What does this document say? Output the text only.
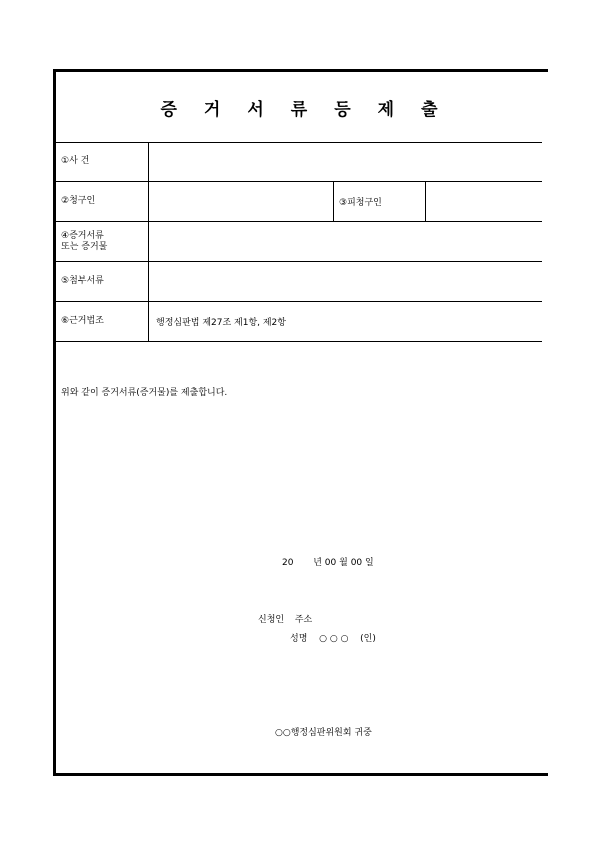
증 거 서 류 등 제 출
①사 건
②청구인	③피청구인
④증거서류
또는 증거물
⑤첨부서류
⑥근거법조	행정심판법 제27조 제1항, 제2항
위와 같이 증거서류(증거물)를 제출합니다.
20 년 00 월 00 일
신청인 주소
성명 ○ ○ ○ (인)
○○행정심판위원회 귀중
